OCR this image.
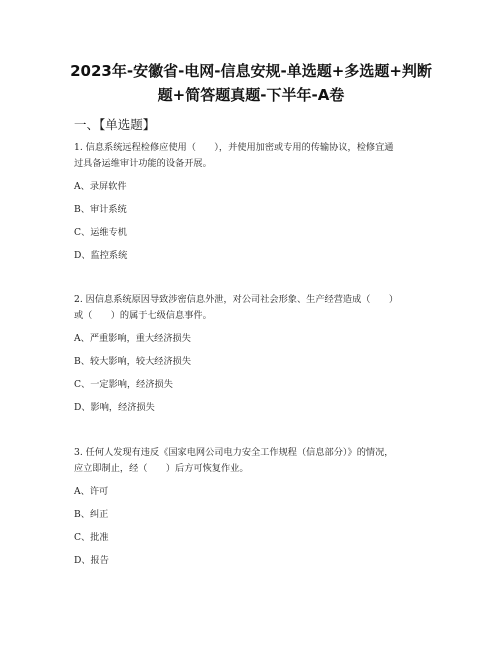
2023年-安徽省-电网-信息安规-单选题+多选题+判断
题+简答题真题-下半年-A卷
一、【单选题】
1. 信息系统远程检修应使用（　　），并使用加密或专用的传输协议，检修宜通
过具备运维审计功能的设备开展。
A、录屏软件
B、审计系统
C、运维专机
D、监控系统
2. 因信息系统原因导致涉密信息外泄，对公司社会形象、生产经营造成（　　）
或（　　）的属于七级信息事件。
A、严重影响，重大经济损失
B、较大影响，较大经济损失
C、一定影响，经济损失
D、影响，经济损失
3. 任何人发现有违反《国家电网公司电力安全工作规程（信息部分）》的情况，
应立即制止，经（　　）后方可恢复作业。
A、许可
B、纠正
C、批准
D、报告
